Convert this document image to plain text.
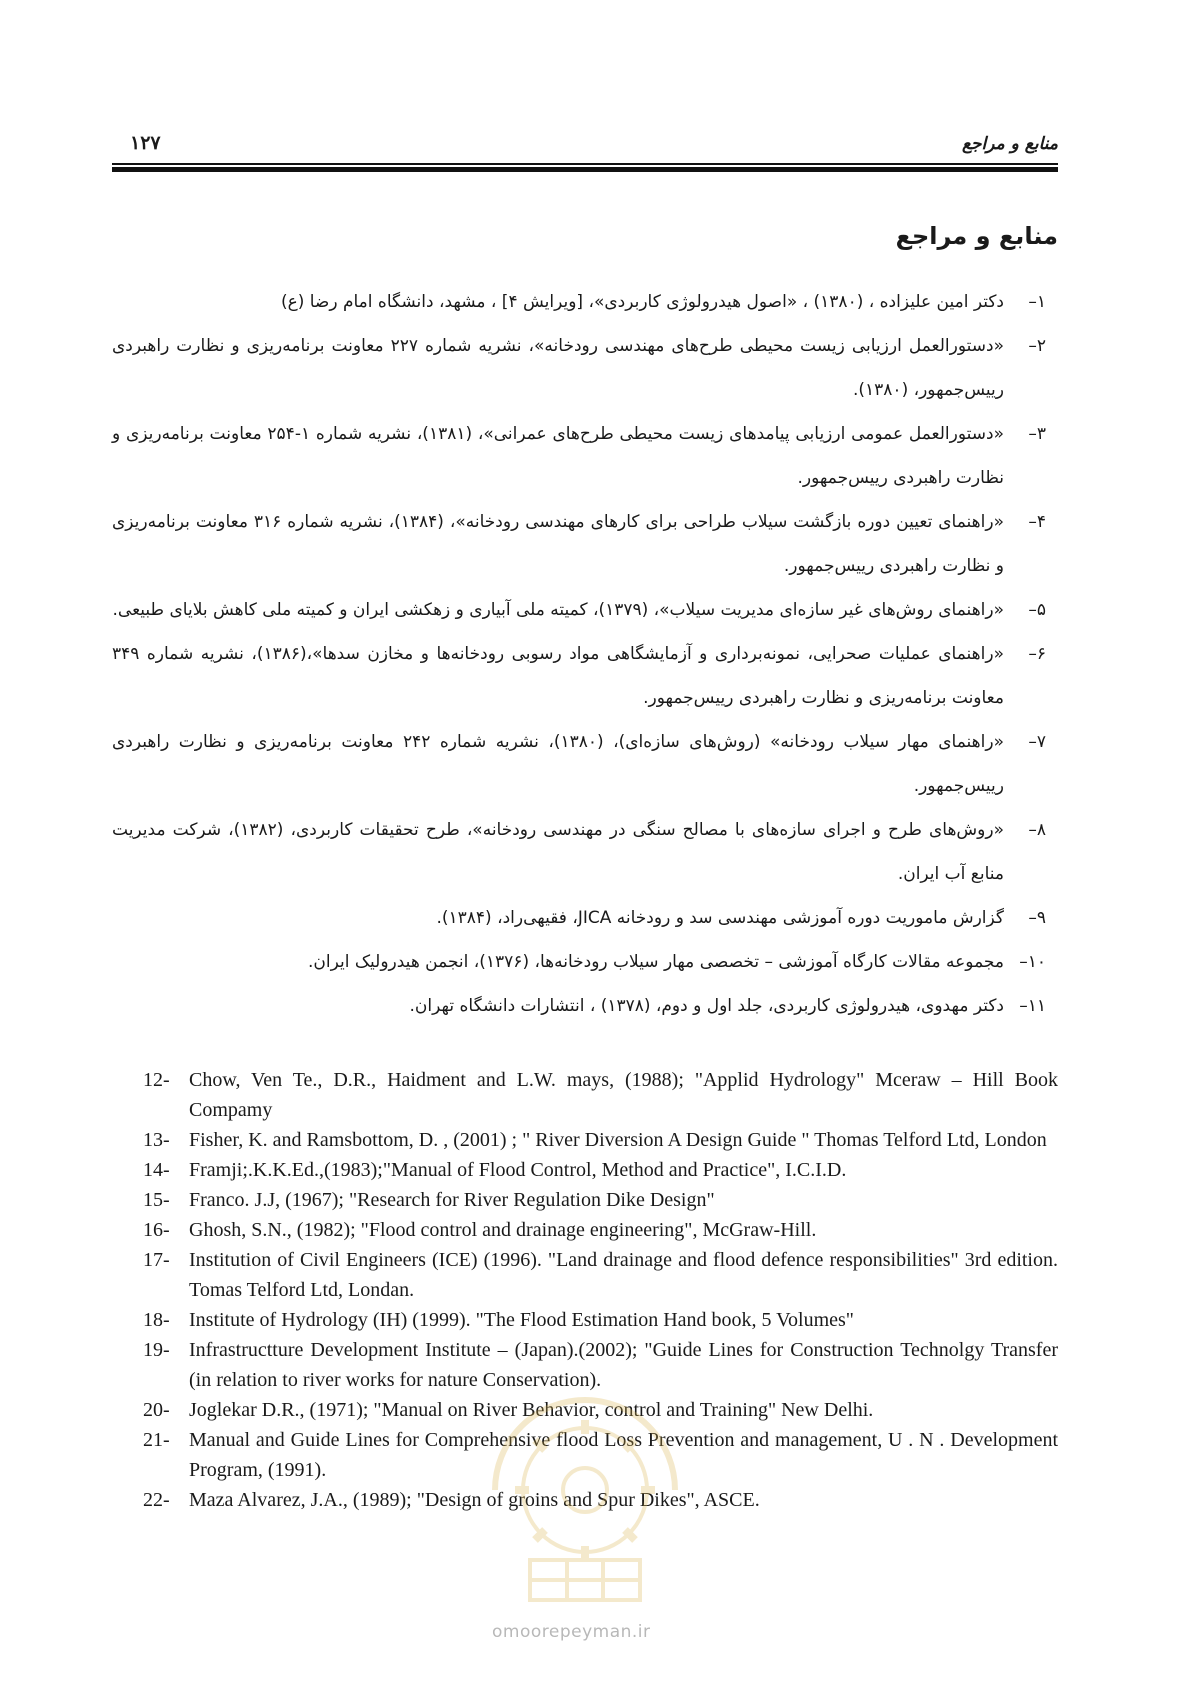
منابع و مراجع
۱۲۷
منابع و مراجع
۱–
دکتر امین علیزاده ، (۱۳۸۰) ، «اصول هیدرولوژی کاربردی»، [ویرایش ۴] ، مشهد، دانشگاه امام رضا (ع)
۲–
«دستورالعمل ارزیابی زیست محیطی طرح‌های مهندسی رودخانه»، نشریه شماره ۲۲۷ معاونت برنامه‌ریزی و نظارت راهبردی رییس‌جمهور، (۱۳۸۰).
۳–
«دستورالعمل عمومی ارزیابی پیامدهای زیست محیطی طرح‌های عمرانی»، (۱۳۸۱)، نشریه شماره ۱-۲۵۴ معاونت برنامه‌ریزی و نظارت راهبردی رییس‌جمهور.
۴–
«راهنمای تعیین دوره بازگشت سیلاب طراحی برای کارهای مهندسی رودخانه»، (۱۳۸۴)، نشریه شماره ۳۱۶ معاونت برنامه‌ریزی و نظارت راهبردی رییس‌جمهور.
۵–
«راهنمای روش‌های غیر سازه‌ای مدیریت سیلاب»، (۱۳۷۹)، کمیته ملی آبیاری و زهکشی ایران و کمیته ملی کاهش بلایای طبیعی.
۶–
«راهنمای عملیات صحرایی، نمونه‌برداری و آزمایشگاهی مواد رسوبی رودخانه‌ها و مخازن سدها»،(۱۳۸۶)، نشریه شماره ۳۴۹ معاونت برنامه‌ریزی و نظارت راهبردی رییس‌جمهور.
۷–
«راهنمای مهار سیلاب رودخانه» (روش‌های سازه‌ای)، (۱۳۸۰)، نشریه شماره ۲۴۲ معاونت برنامه‌ریزی و نظارت راهبردی رییس‌جمهور.
۸–
«روش‌های طرح و اجرای سازه‌های با مصالح سنگی در مهندسی رودخانه»، طرح تحقیقات کاربردی، (۱۳۸۲)، شرکت مدیریت منابع آب ایران.
۹–
گزارش ماموریت دوره آموزشی مهندسی سد و رودخانه JICA، فقیهی‌راد، (۱۳۸۴).
۱۰–
مجموعه مقالات کارگاه آموزشی – تخصصی مهار سیلاب رودخانه‌ها، (۱۳۷۶)، انجمن هیدرولیک ایران.
۱۱–
دکتر مهدوی، هیدرولوژی کاربردی، جلد اول و دوم، (۱۳۷۸) ، انتشارات دانشگاه تهران.
12- Chow, Ven Te., D.R., Haidment and L.W. mays, (1988); "Applid Hydrology" Mceraw – Hill Book Compamy
13- Fisher, K. and Ramsbottom, D. , (2001) ; " River Diversion A Design Guide " Thomas Telford Ltd, London
14- Framji;.K.K.Ed.,(1983);"Manual of Flood Control, Method and Practice", I.C.I.D.
15- Franco. J.J, (1967); "Research for River Regulation Dike Design"
16- Ghosh, S.N., (1982); "Flood control and drainage engineering", McGraw-Hill.
17- Institution of Civil Engineers (ICE) (1996). "Land drainage and flood defence responsibilities" 3rd edition. Tomas Telford Ltd, Londan.
18- Institute of Hydrology (IH) (1999). "The Flood Estimation Hand book, 5 Volumes"
19- Infrastructture Development Institute – (Japan).(2002); "Guide Lines for Construction Technolgy Transfer (in relation to river works for nature Conservation).
20- Joglekar D.R., (1971); "Manual on River Behavior, control and Training" New Delhi.
21- Manual and Guide Lines for Comprehensive flood Loss Prevention and management, U . N . Development Program, (1991).
22- Maza Alvarez, J.A., (1989); "Design of groins and Spur Dikes", ASCE.
omoorepeyman.ir
